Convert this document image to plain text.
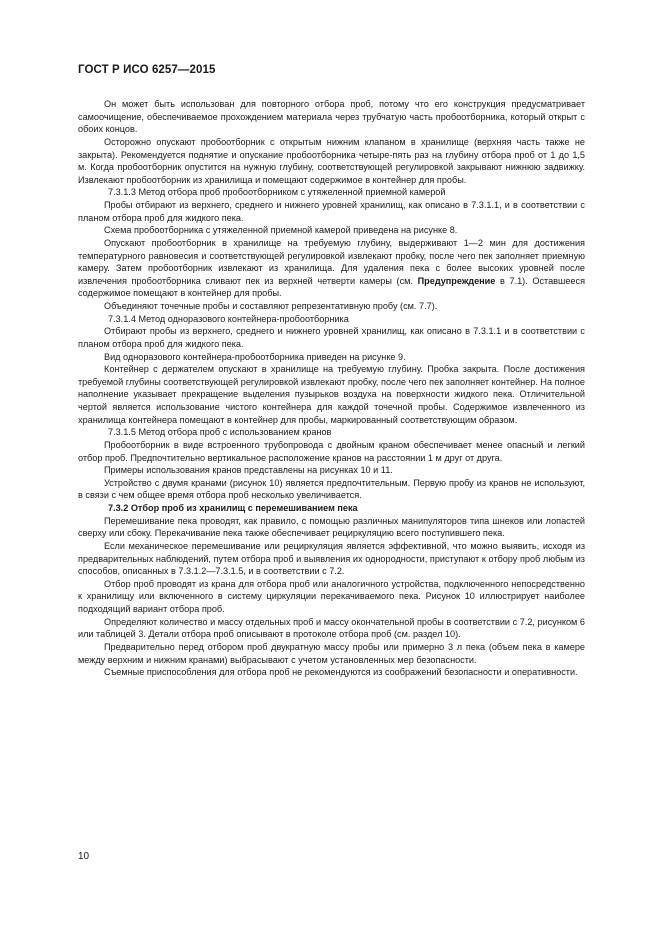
ГОСТ Р ИСО 6257—2015

Он может быть использован для повторного отбора проб, потому что его конструкция предусматривает самоочищение, обеспечиваемое прохождением материала через трубчатую часть пробоотборника, который открыт с обоих концов.

Осторожно опускают пробоотборник с открытым нижним клапаном в хранилище (верхняя часть также не закрыта). Рекомендуется поднятие и опускание пробоотборника четыре-пять раз на глубину отбора проб от 1 до 1,5 м. Когда пробоотборник опустится на нужную глубину, соответствующей регулировкой закрывают нижнюю задвижку. Извлекают пробоотборник из хранилища и помещают содержимое в контейнер для пробы.

7.3.1.3 Метод отбора проб пробоотборником с утяжеленной приемной камерой

Пробы отбирают из верхнего, среднего и нижнего уровней хранилищ, как описано в 7.3.1.1, и в соответствии с планом отбора проб для жидкого пека.

Схема пробоотборника с утяжеленной приемной камерой приведена на рисунке 8.

Опускают пробоотборник в хранилище на требуемую глубину, выдерживают 1—2 мин для достижения температурного равновесия и соответствующей регулировкой извлекают пробку, после чего пек заполняет приемную камеру. Затем пробоотборник извлекают из хранилища. Для удаления пека с более высоких уровней после извлечения пробоотборника сливают пек из верхней четверти камеры (см. Предупреждение в 7.1). Оставшееся содержимое помещают в контейнер для пробы.

Объединяют точечные пробы и составляют репрезентативную пробу (см. 7.7).

7.3.1.4 Метод одноразового контейнера-пробоотборника

Отбирают пробы из верхнего, среднего и нижнего уровней хранилищ, как описано в 7.3.1.1 и в соответствии с планом отбора проб для жидкого пека.

Вид одноразового контейнера-пробоотборника приведен на рисунке 9.

Контейнер с держателем опускают в хранилище на требуемую глубину. Пробка закрыта. После достижения требуемой глубины соответствующей регулировкой извлекают пробку, после чего пек заполняет контейнер. На полное наполнение указывает прекращение выделения пузырьков воздуха на поверхности жидкого пека. Отличительной чертой является использование чистого контейнера для каждой точечной пробы. Содержимое извлеченного из хранилища контейнера помещают в контейнер для пробы, маркированный соответствующим образом.

7.3.1.5 Метод отбора проб с использованием кранов

Пробоотборник в виде встроенного трубопровода с двойным краном обеспечивает менее опасный и легкий отбор проб. Предпочтительно вертикальное расположение кранов на расстоянии 1 м друг от друга.

Примеры использования кранов представлены на рисунках 10 и 11.

Устройство с двумя кранами (рисунок 10) является предпочтительным. Первую пробу из кранов не используют, в связи с чем общее время отбора проб несколько увеличивается.

7.3.2 Отбор проб из хранилищ с перемешиванием пека

Перемешивание пека проводят, как правило, с помощью различных манипуляторов типа шнеков или лопастей сверху или сбоку. Перекачивание пека также обеспечивает рециркуляцию всего поступившего пека.

Если механическое перемешивание или рециркуляция является эффективной, что можно выявить, исходя из предварительных наблюдений, путем отбора проб и выявления их однородности, приступают к отбору проб любым из способов, описанных в 7.3.1.2—7.3.1.5, и в соответствии с 7.2.

Отбор проб проводят из крана для отбора проб или аналогичного устройства, подключенного непосредственно к хранилищу или включенного в систему циркуляции перекачиваемого пека. Рисунок 10 иллюстрирует наиболее подходящий вариант отбора проб.

Определяют количество и массу отдельных проб и массу окончательной пробы в соответствии с 7.2, рисунком 6 или таблицей 3. Детали отбора проб описывают в протоколе отбора проб (см. раздел 10).

Предварительно перед отбором проб двукратную массу пробы или примерно 3 л пека (объем пека в камере между верхним и нижним кранами) выбрасывают с учетом установленных мер безопасности.

Съемные приспособления для отбора проб не рекомендуются из соображений безопасности и оперативности.

10
